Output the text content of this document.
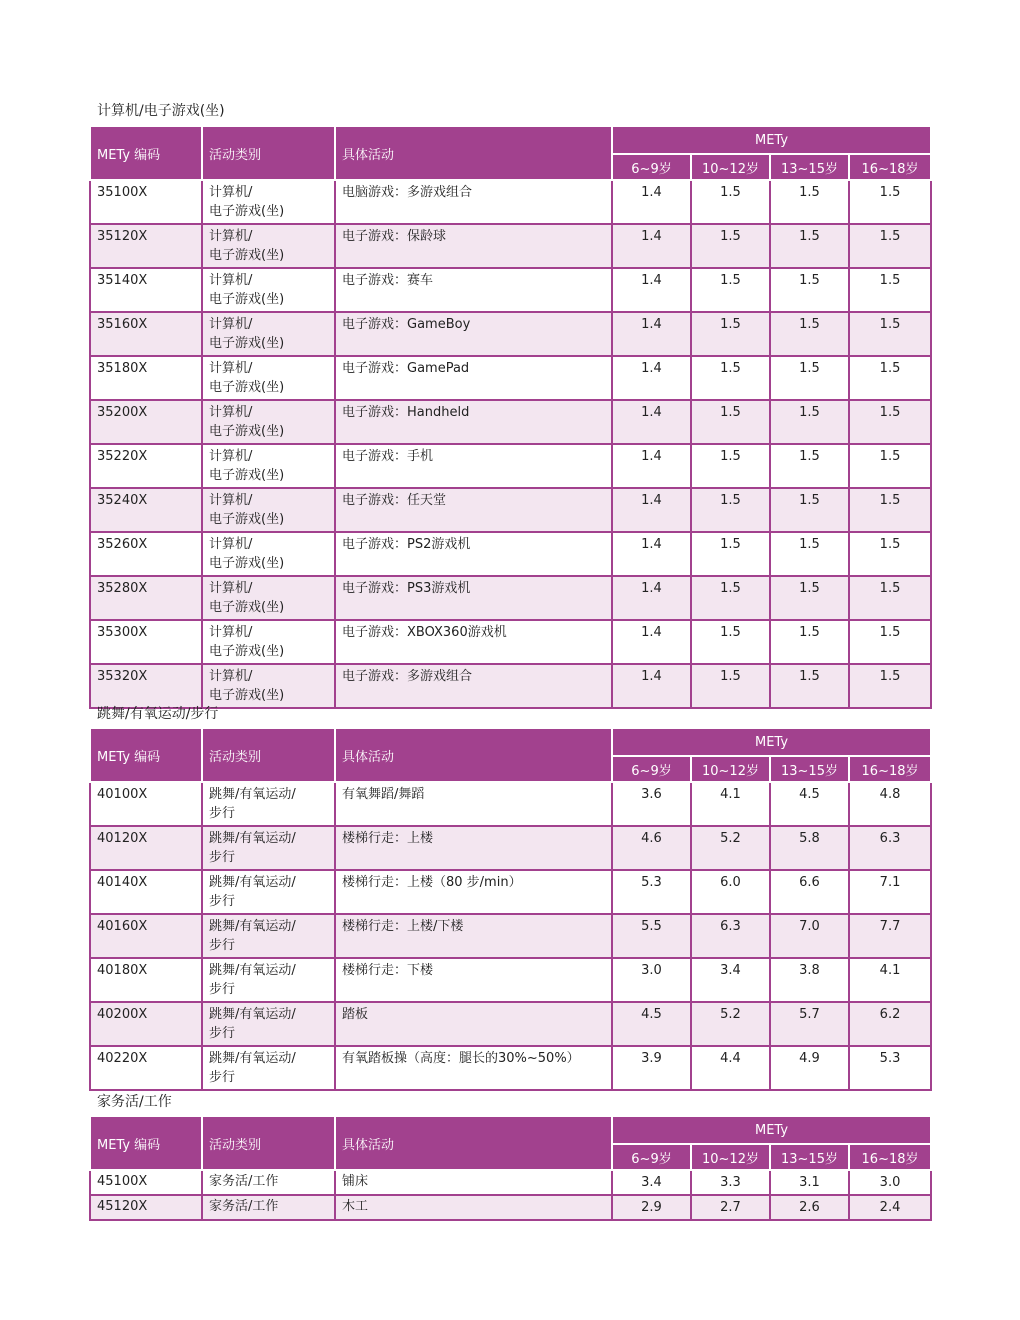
计算机/电子游戏(坐)
METy 编码	活动类别	具体活动	METy			
			6~9岁	10~12岁	13~15岁	16~18岁
35100X	计算机/
电子游戏(坐)	电脑游戏：多游戏组合	1.4	1.5	1.5	1.5
35120X	计算机/
电子游戏(坐)	电子游戏：保龄球	1.4	1.5	1.5	1.5
35140X	计算机/
电子游戏(坐)	电子游戏：赛车	1.4	1.5	1.5	1.5
35160X	计算机/
电子游戏(坐)	电子游戏：GameBoy	1.4	1.5	1.5	1.5
35180X	计算机/
电子游戏(坐)	电子游戏：GamePad	1.4	1.5	1.5	1.5
35200X	计算机/
电子游戏(坐)	电子游戏：Handheld	1.4	1.5	1.5	1.5
35220X	计算机/
电子游戏(坐)	电子游戏：手机	1.4	1.5	1.5	1.5
35240X	计算机/
电子游戏(坐)	电子游戏：任天堂	1.4	1.5	1.5	1.5
35260X	计算机/
电子游戏(坐)	电子游戏：PS2游戏机	1.4	1.5	1.5	1.5
35280X	计算机/
电子游戏(坐)	电子游戏：PS3游戏机	1.4	1.5	1.5	1.5
35300X	计算机/
电子游戏(坐)	电子游戏：XBOX360游戏机	1.4	1.5	1.5	1.5
35320X	计算机/
电子游戏(坐)	电子游戏：多游戏组合	1.4	1.5	1.5	1.5
跳舞/有氧运动/步行
METy 编码	活动类别	具体活动	METy			
			6~9岁	10~12岁	13~15岁	16~18岁
40100X	跳舞/有氧运动/
步行	有氧舞蹈/舞蹈	3.6	4.1	4.5	4.8
40120X	跳舞/有氧运动/
步行	楼梯行走：上楼	4.6	5.2	5.8	6.3
40140X	跳舞/有氧运动/
步行	楼梯行走：上楼（80 步/min）	5.3	6.0	6.6	7.1
40160X	跳舞/有氧运动/
步行	楼梯行走：上楼/下楼	5.5	6.3	7.0	7.7
40180X	跳舞/有氧运动/
步行	楼梯行走：下楼	3.0	3.4	3.8	4.1
40200X	跳舞/有氧运动/
步行	踏板	4.5	5.2	5.7	6.2
40220X	跳舞/有氧运动/
步行	有氧踏板操（高度：腿长的30%~50%）	3.9	4.4	4.9	5.3
家务活/工作
METy 编码	活动类别	具体活动	METy			
			6~9岁	10~12岁	13~15岁	16~18岁
45100X	家务活/工作	铺床	3.4	3.3	3.1	3.0
45120X	家务活/工作	木工	2.9	2.7	2.6	2.4
